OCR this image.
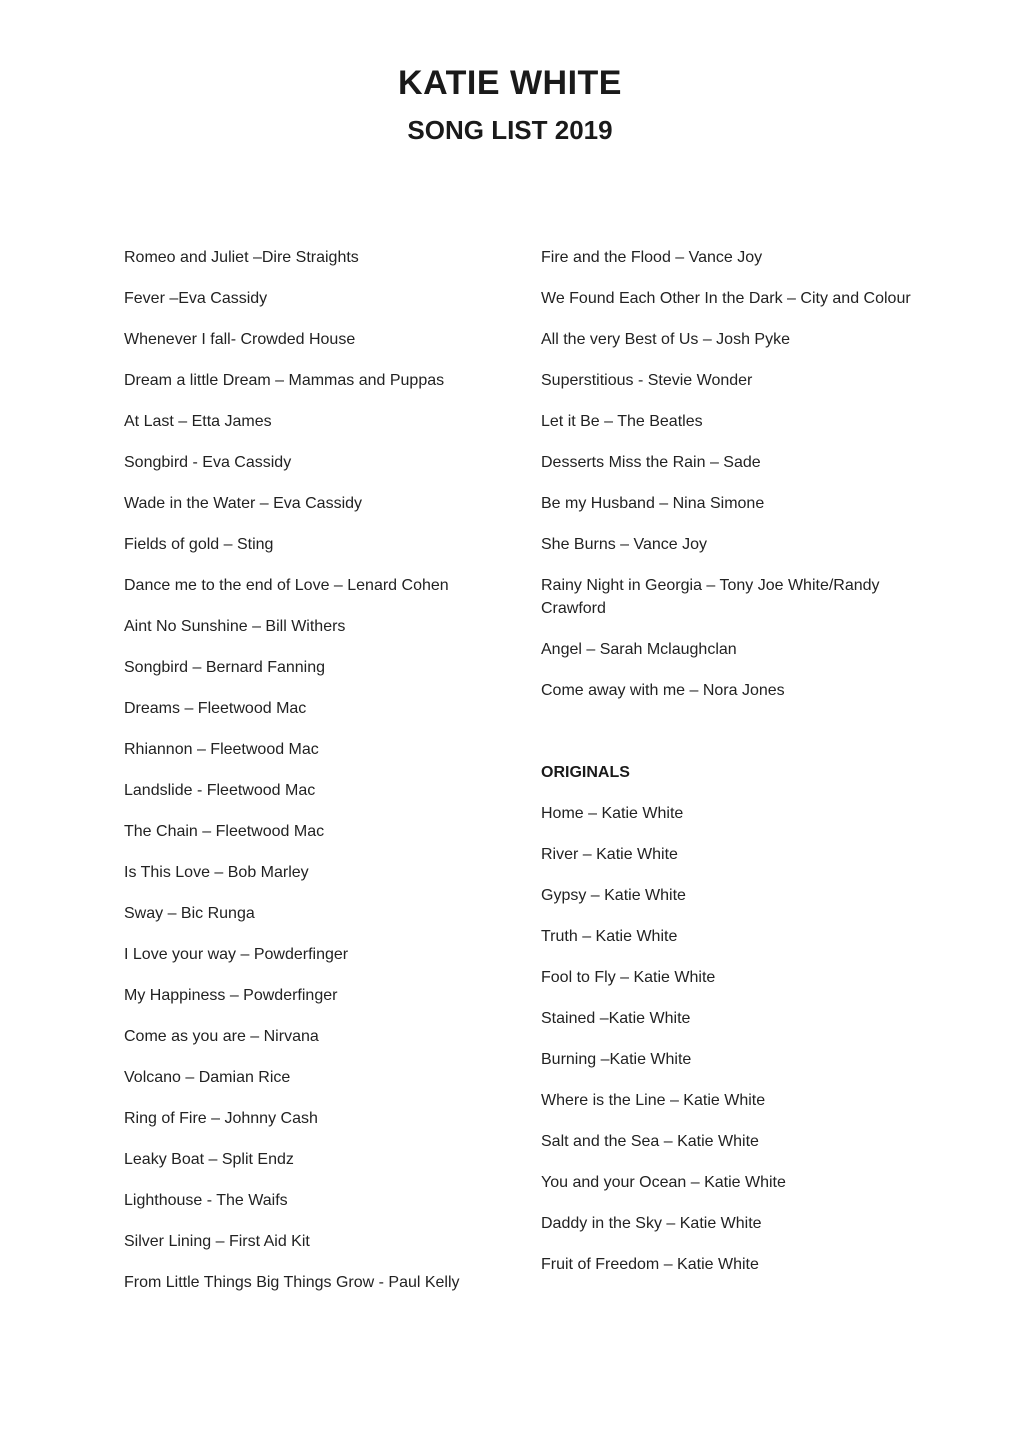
KATIE WHITE
SONG LIST 2019

Romeo and Juliet –Dire Straights

Fever –Eva Cassidy

Whenever I fall- Crowded House

Dream a little Dream – Mammas and Puppas

At Last – Etta James

Songbird - Eva Cassidy

Wade in the Water – Eva Cassidy

Fields of gold – Sting

Dance me to the end of Love – Lenard Cohen

Aint No Sunshine – Bill Withers

Songbird – Bernard Fanning

Dreams – Fleetwood Mac

Rhiannon – Fleetwood Mac

Landslide - Fleetwood Mac

The Chain – Fleetwood Mac

Is This Love – Bob Marley

Sway – Bic Runga

I Love your way – Powderfinger

My Happiness – Powderfinger

Come as you are – Nirvana

Volcano – Damian Rice

Ring of Fire – Johnny Cash

Leaky Boat – Split Endz

Lighthouse - The Waifs

Silver Lining – First Aid Kit

From Little Things Big Things Grow - Paul Kelly

Fire and the Flood – Vance Joy

We Found Each Other In the Dark – City and Colour

All the very Best of Us – Josh Pyke

Superstitious - Stevie Wonder

Let it Be – The Beatles

Desserts Miss the Rain – Sade

Be my Husband – Nina Simone

She Burns – Vance Joy

Rainy Night in Georgia – Tony Joe White/Randy Crawford

Angel – Sarah Mclaughclan

Come away with me – Nora Jones

ORIGINALS

Home – Katie White

River – Katie White

Gypsy – Katie White

Truth – Katie White

Fool to Fly – Katie White

Stained –Katie White

Burning –Katie White

Where is the Line – Katie White

Salt and the Sea – Katie White

You and your Ocean – Katie White

Daddy in the Sky – Katie White

Fruit of Freedom – Katie White
